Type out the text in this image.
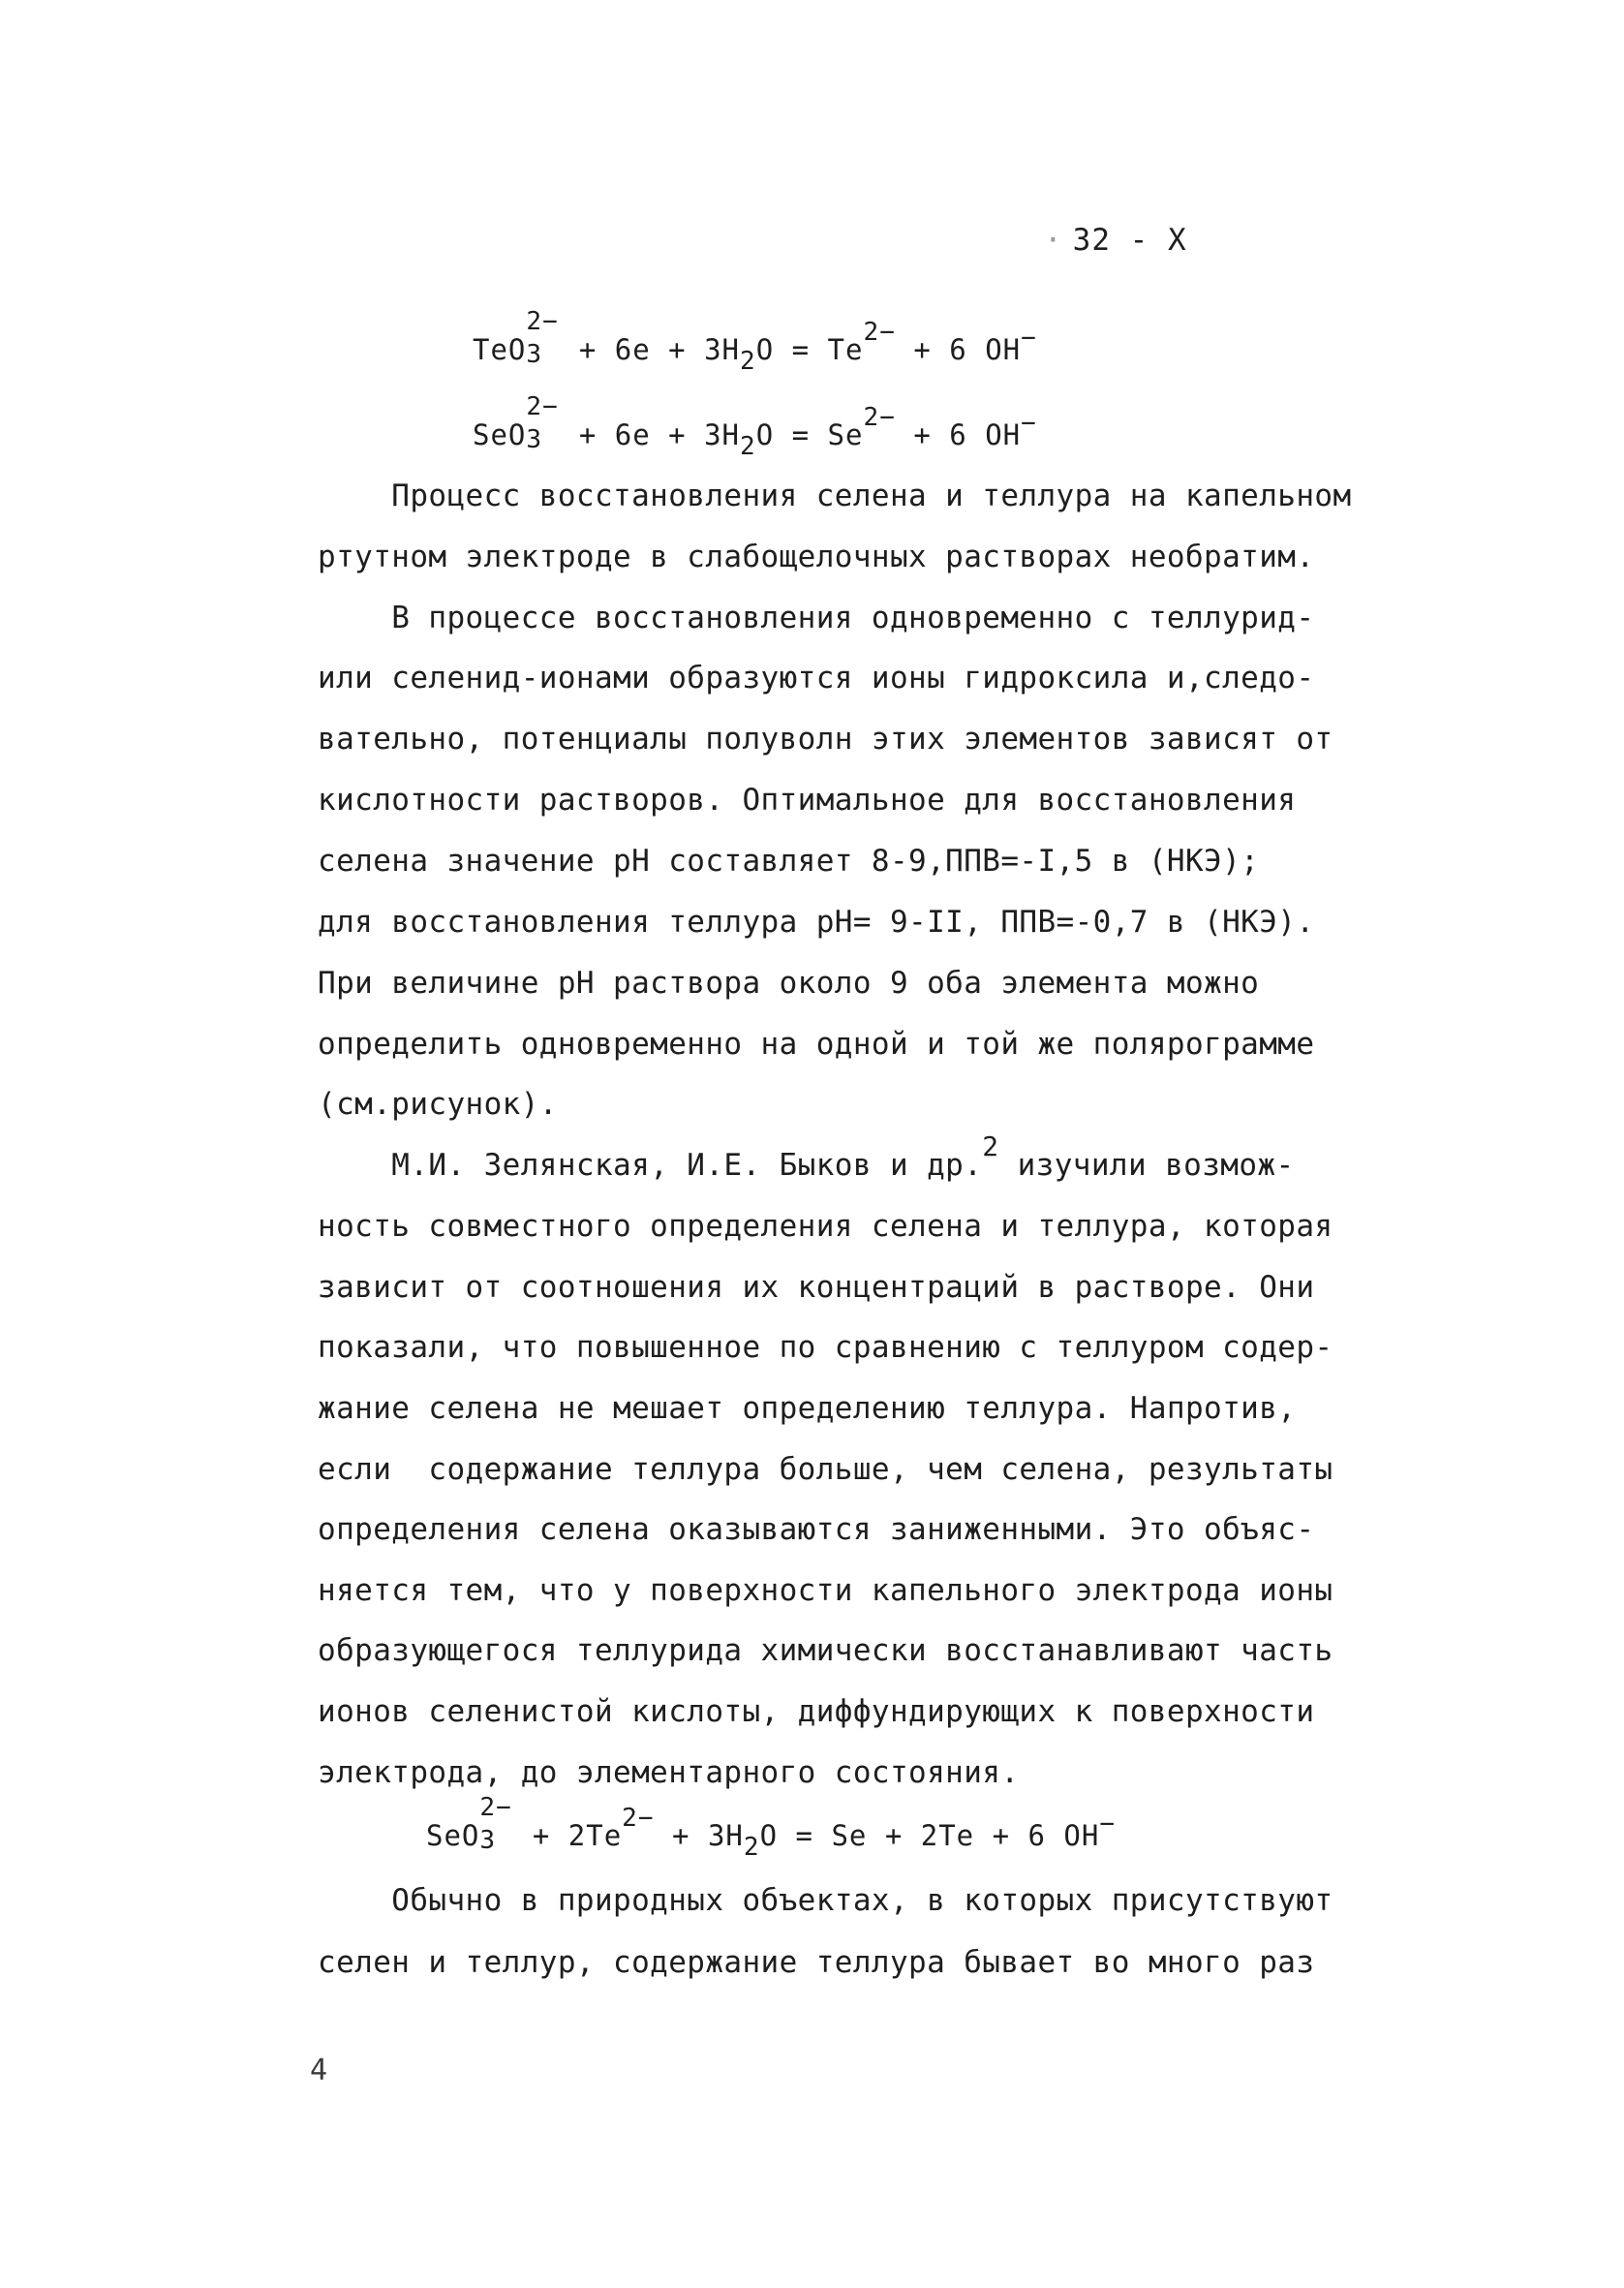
· 32 - X
TeO
2−
3 + 6e + 3H2O = Te2− + 6 OH−
SeO
2−
3 + 6e + 3H2O = Se2− + 6 OH−
Процесс восстановления селена и теллура на капельном
ртутном электроде в слабощелочных растворах необратим.
В процессе восстановления одновременно с теллурид-
или селенид-ионами образуются ионы гидроксила и,следо-
вательно, потенциалы полуволн этих элементов зависят от
кислотности растворов. Оптимальное для восстановления
селена значение рН составляет 8-9,ППВ=-I,5 в (НКЭ);
для восстановления теллура рН= 9-II, ППВ=-0,7 в (НКЭ).
При величине рН раствора около 9 оба элемента можно
определить одновременно на одной и той же полярограмме
(см.рисунок).
М.И. Зелянская, И.Е. Быков и др.2 изучили возмож-
ность совместного определения селена и теллура, которая
зависит от соотношения их концентраций в растворе. Они
показали, что повышенное по сравнению с теллуром содер-
жание селена не мешает определению теллура. Напротив,
если  содержание теллура больше, чем селена, результаты
определения селена оказываются заниженными. Это объяс-
няется тем, что у поверхности капельного электрода ионы
образующегося теллурида химически восстанавливают часть
ионов селенистой кислоты, диффундирующих к поверхности
электрода, до элементарного состояния.
SeO
2−
3 + 2Te2− + 3H2O = Se + 2Te + 6 OH−
Обычно в природных объектах, в которых присутствуют
селен и теллур, содержание теллура бывает во много раз
4
